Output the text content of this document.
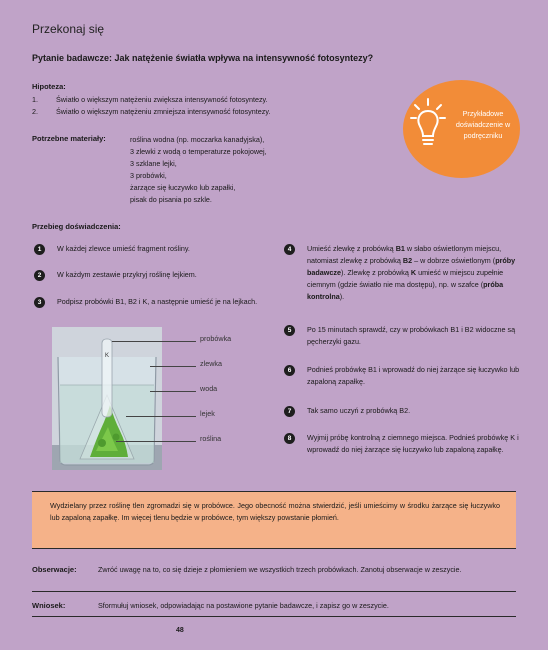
Przekonaj się
Pytanie badawcze: Jak natężenie światła wpływa na intensywność fotosyntezy?
Hipoteza:
1.	Światło o większym natężeniu zwiększa intensywność fotosyntezy.
2.	Światło o większym natężeniu zmniejsza intensywność fotosyntezy.	Przykładowe doświadczenie w podręczniku
Potrzebne materiały:	roślina wodna (np. moczarka kanadyjska),
3 zlewki z wodą o temperaturze pokojowej,
3 szklane lejki,
3 probówki,
żarzące się łuczywko lub zapałki,
pisak do pisania po szkle.
Przebieg doświadczenia:
1	W każdej zlewce umieść fragment rośliny.
2	W każdym zestawie przykryj roślinę lejkiem.
3	Podpisz probówki B1, B2 i K, a następnie umieść je na lejkach.
4	Umieść zlewkę z probówką B1 w słabo oświetlonym miejscu, natomiast zlewkę z probówką B2 – w dobrze oświetlonym (próby badawcze). Zlewkę z probówką K umieść w miejscu zupełnie ciemnym (gdzie światło nie ma dostępu), np. w szafce (próba kontrolna).
5	Po 15 minutach sprawdź, czy w probówkach B1 i B2 widoczne są pęcherzyki gazu.
6	Podnieś probówkę B1 i wprowadź do niej żarzące się łuczywko lub zapaloną zapałkę.
7	Tak samo uczyń z probówką B2.
8	Wyjmij próbę kontrolną z ciemnego miejsca. Podnieś probówkę K i wprowadź do niej żarzące się łuczywko lub zapaloną zapałkę.
K
probówka
zlewka
woda
lejek
roślina
Wydzielany przez roślinę tlen zgromadzi się w probówce. Jego obecność można stwierdzić, jeśli umieścimy w środku żarzące się łuczywko lub zapaloną zapałkę. Im więcej tlenu będzie w probówce, tym większy powstanie płomień.
Obserwacje:	Zwróć uwagę na to, co się dzieje z płomieniem we wszystkich trzech probówkach. Zanotuj obserwacje w zeszycie.
Wniosek:	Sformułuj wniosek, odpowiadając na postawione pytanie badawcze, i zapisz go w zeszycie.
48
